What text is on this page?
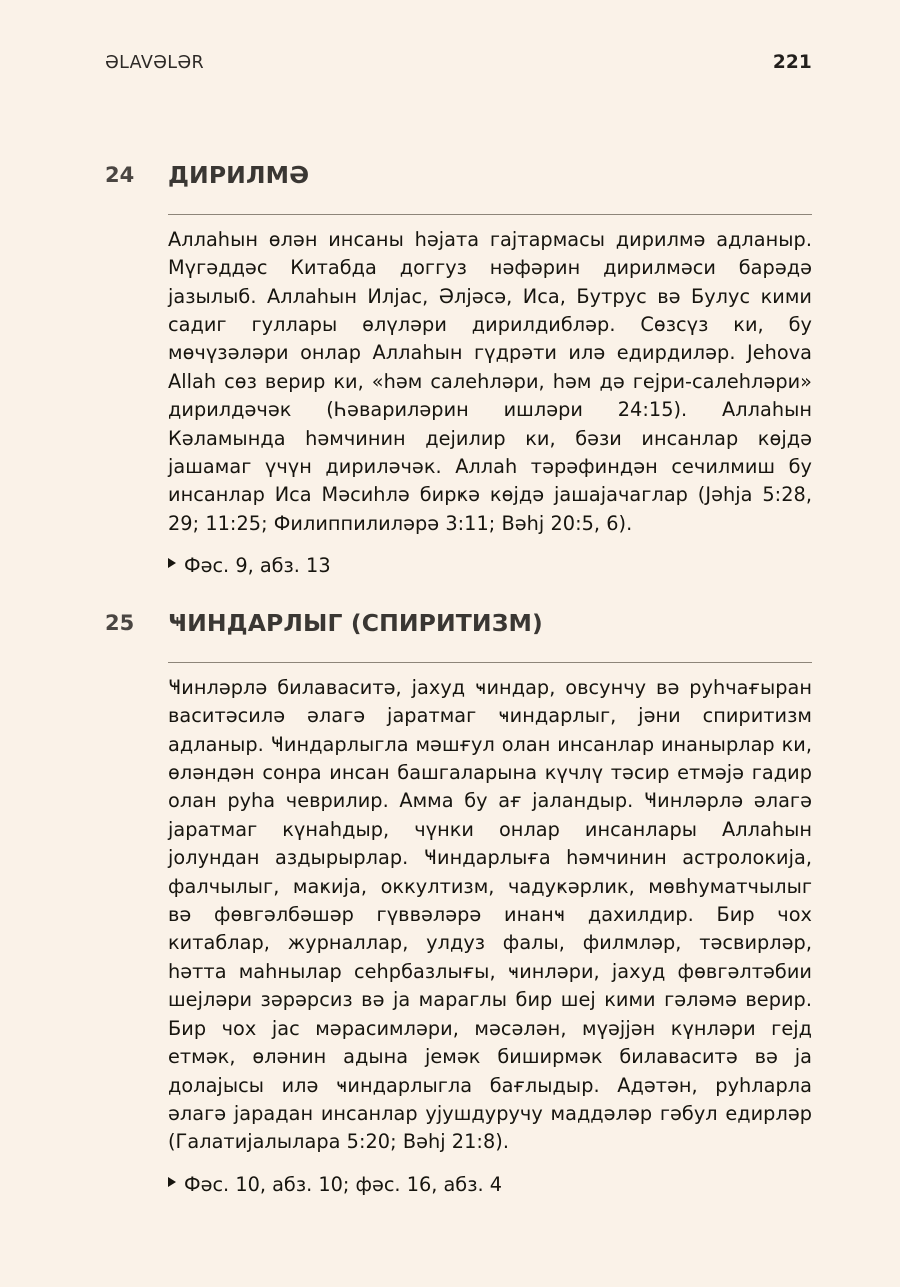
ƏLAVƏLƏR	221
24	ДИРИЛМӘ

Аллаһын өлән инсаны һәјата гајтармасы дирилмә адланыр. Мүгәддәс Китабда доггуз нәфәрин дирилмәси барәдә јазылыб. Аллаһын Илјас, Әлјәсә, Иса, Бутрус вә Булус кими садиг гуллары өлүләри дирилдибләр. Сөзсүз ки, бу мөчүзәләри онлар Аллаһын гүдрәти илә едирдиләр. Jehova Allah сөз верир ки, «һәм салеһләри, һәм дә гејри-салеһләри» дирилдәчәк (Һәвариләрин ишләри 24:15). Аллаһын Кәламында һәмчинин дејилир ки, бәзи инсанлар көјдә јашамаг үчүн дириләчәк. Аллаһ тәрәфиндән сечилмиш бу инсанлар Иса Мәсиһлә бирҝә көјдә јашајачаглар (Јәһја 5:28, 29; 11:25; Филиппилиләрә 3:11; Вәһј 20:5, 6).

Фәс. 9, абз. 13
25	ҸИНДАРЛЫГ (СПИРИТИЗМ)

Ҹинләрлә билаваситә, јахуд ҹиндар, овсунчу вә руһчағыран васитәсилә әлагә јаратмаг ҹиндарлыг, јәни спиритизм адланыр. Ҹиндарлыгла мәшғул олан инсанлар инанырлар ки, өләндән сонра инсан башгаларына күчлү тәсир етмәјә гадир олан руһа чеврилир. Амма бу ағ јаландыр. Ҹинләрлә әлагә јаратмаг күнаһдыр, чүнки онлар инсанлары Аллаһын јолундан аздырырлар. Ҹиндарлыға һәмчинин астролокија, фалчылыг, маҝија, оккултизм, чадуҝәрлик, мөвһуматчылыг вә фөвгәлбәшәр гүввәләрә инанҹ дахилдир. Бир чох китаблар, журналлар, улдуз фалы, филмләр, тәсвирләр, һәтта маһнылар сеһрбазлығы, ҹинләри, јахуд фөвгәлтәбии шејләри зәрәрсиз вә ја мараглы бир шеј кими гәләмә верир. Бир чох јас мәрасимләри, мәсәлән, мүәјјән күнләри гејд етмәк, өләнин адына јемәк биширмәк билаваситә вә ја долајысы илә ҹиндарлыгла бағлыдыр. Адәтән, руһларла әлагә јарадан инсанлар ујушдуручу маддәләр гәбул едирләр (Галатијалылара 5:20; Вәһј 21:8).

Фәс. 10, абз. 10; фәс. 16, абз. 4
